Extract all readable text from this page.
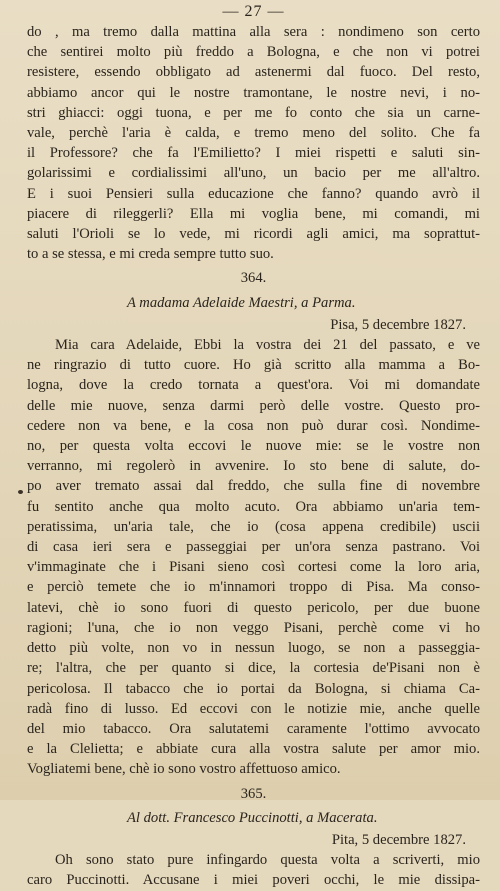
— 27 —
do , ma tremo dalla mattina alla sera : nondimeno son certo
che sentirei molto più freddo a Bologna, e che non vi potrei
resistere, essendo obbligato ad astenermi dal fuoco. Del resto,
abbiamo ancor qui le nostre tramontane, le nostre nevi, i no-
stri ghiacci: oggi tuona, e per me fo conto che sia un carne-
vale, perchè l'aria è calda, e tremo meno del solito. Che fa
il Professore? che fa l'Emilietto? I miei rispetti e saluti sin-
golarissimi e cordialissimi all'uno, un bacio per me all'altro.
E i suoi Pensieri sulla educazione che fanno? quando avrò il
piacere di rileggerli? Ella mi voglia bene, mi comandi, mi
saluti l'Orioli se lo vede, mi ricordi agli amici, ma soprattut-
to a se stessa, e mi creda sempre tutto suo.
364.
A madama Adelaide Maestri, a Parma.
Pisa, 5 decembre 1827.
Mia cara Adelaide, Ebbi la vostra dei 21 del passato, e ve
ne ringrazio di tutto cuore. Ho già scritto alla mamma a Bo-
logna, dove la credo tornata a quest'ora. Voi mi domandate
delle mie nuove, senza darmi però delle vostre. Questo pro-
cedere non va bene, e la cosa non può durar così. Nondime-
no, per questa volta eccovi le nuove mie: se le vostre non
verranno, mi regolerò in avvenire. Io sto bene di salute, do-
po aver tremato assai dal freddo, che sulla fine di novembre
fu sentito anche qua molto acuto. Ora abbiamo un'aria tem-
peratissima, un'aria tale, che io (cosa appena credibile) uscii
di casa ieri sera e passeggiai per un'ora senza pastrano. Voi
v'immaginate che i Pisani sieno così cortesi come la loro aria,
e perciò temete che io m'innamori troppo di Pisa. Ma conso-
latevi, chè io sono fuori di questo pericolo, per due buone
ragioni; l'una, che io non veggo Pisani, perchè come vi ho
detto più volte, non vo in nessun luogo, se non a passeggia-
re; l'altra, che per quanto si dice, la cortesia de'Pisani non è
pericolosa. Il tabacco che io portai da Bologna, si chiama Ca-
radà fino di lusso. Ed eccovi con le notizie mie, anche quelle
del mio tabacco. Ora salutatemi caramente l'ottimo avvocato
e la Clelietta; e abbiate cura alla vostra salute per amor mio.
Vogliatemi bene, chè io sono vostro affettuoso amico.
365.
Al dott. Francesco Puccinotti, a Macerata.
Pita, 5 decembre 1827.
Oh sono stato pure infingardo questa volta a scriverti, mio
caro Puccinotti. Accusane i miei poveri occhi, le mie dissipa-
